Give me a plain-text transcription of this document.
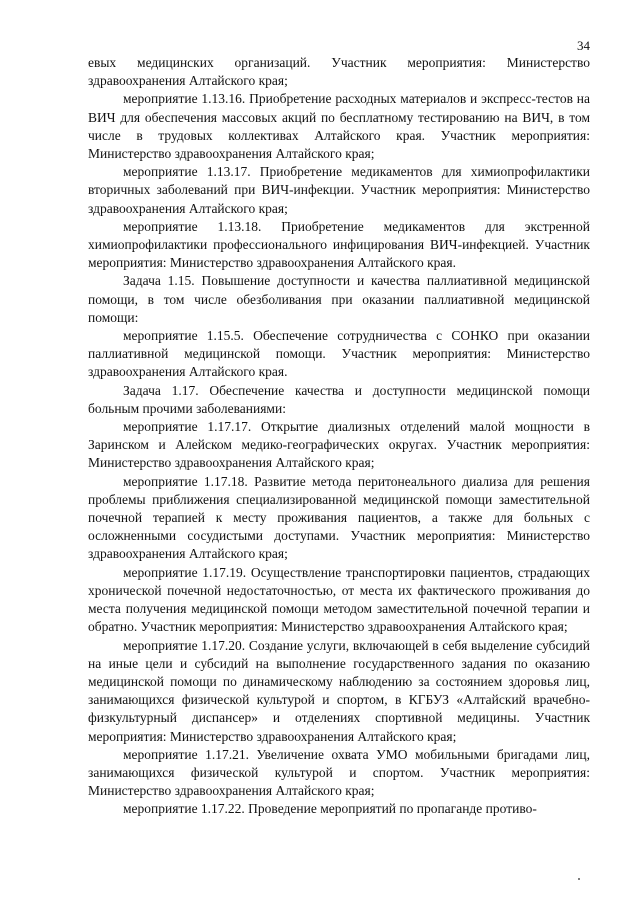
34

евых медицинских организаций. Участник мероприятия: Министерство здравоохранения Алтайского края;

мероприятие 1.13.16. Приобретение расходных материалов и экспресс-тестов на ВИЧ для обеспечения массовых акций по бесплатному тестированию на ВИЧ, в том числе в трудовых коллективах Алтайского края. Участник мероприятия: Министерство здравоохранения Алтайского края;

мероприятие 1.13.17. Приобретение медикаментов для химиопрофилактики вторичных заболеваний при ВИЧ-инфекции. Участник мероприятия: Министерство здравоохранения Алтайского края;

мероприятие 1.13.18. Приобретение медикаментов для экстренной химиопрофилактики профессионального инфицирования ВИЧ-инфекцией. Участник мероприятия: Министерство здравоохранения Алтайского края.

Задача 1.15. Повышение доступности и качества паллиативной медицинской помощи, в том числе обезболивания при оказании паллиативной медицинской помощи:

мероприятие 1.15.5. Обеспечение сотрудничества с СОНКО при оказании паллиативной медицинской помощи. Участник мероприятия: Министерство здравоохранения Алтайского края.

Задача 1.17. Обеспечение качества и доступности медицинской помощи больным прочими заболеваниями:

мероприятие 1.17.17. Открытие диализных отделений малой мощности в Заринском и Алейском медико-географических округах. Участник мероприятия: Министерство здравоохранения Алтайского края;

мероприятие 1.17.18. Развитие метода перитонеального диализа для решения проблемы приближения специализированной медицинской помощи заместительной почечной терапией к месту проживания пациентов, а также для больных с осложненными сосудистыми доступами. Участник мероприятия: Министерство здравоохранения Алтайского края;

мероприятие 1.17.19. Осуществление транспортировки пациентов, страдающих хронической почечной недостаточностью, от места их фактического проживания до места получения медицинской помощи методом заместительной почечной терапии и обратно. Участник мероприятия: Министерство здравоохранения Алтайского края;

мероприятие 1.17.20. Создание услуги, включающей в себя выделение субсидий на иные цели и субсидий на выполнение государственного задания по оказанию медицинской помощи по динамическому наблюдению за состоянием здоровья лиц, занимающихся физической культурой и спортом, в КГБУЗ «Алтайский врачебно-физкультурный диспансер» и отделениях спортивной медицины. Участник мероприятия: Министерство здравоохранения Алтайского края;

мероприятие 1.17.21. Увеличение охвата УМО мобильными бригадами лиц, занимающихся физической культурой и спортом. Участник мероприятия: Министерство здравоохранения Алтайского края;

мероприятие 1.17.22. Проведение мероприятий по пропаганде противо-
